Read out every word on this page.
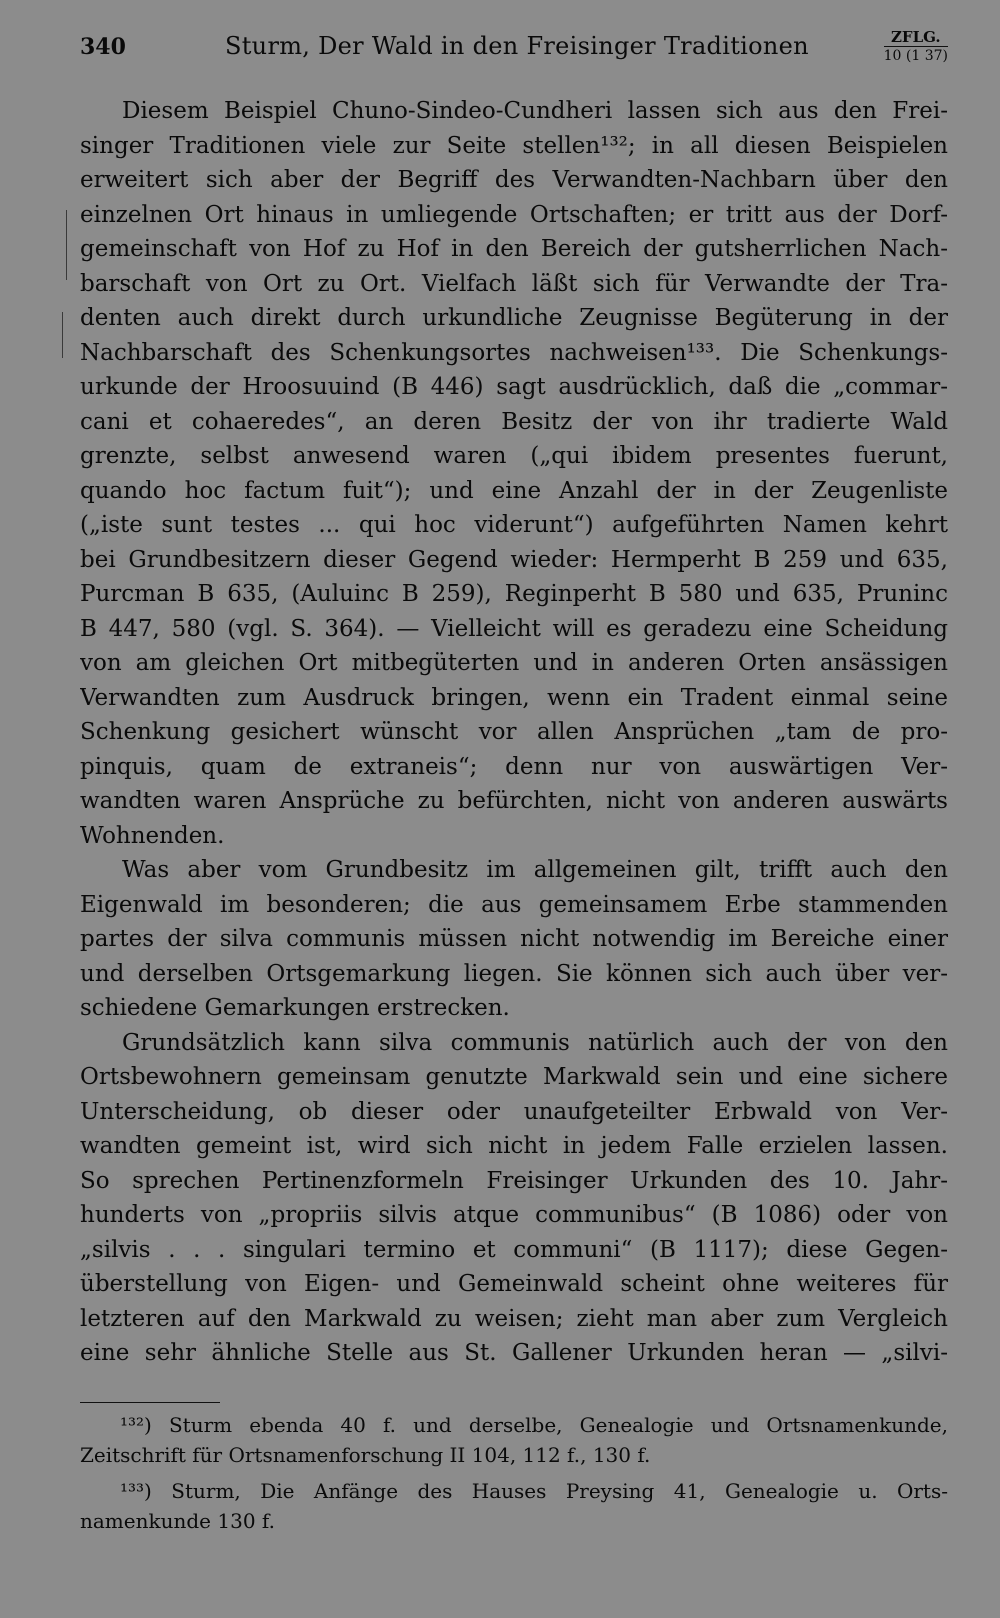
340	Sturm, Der Wald in den Freisinger Traditionen	ZFLG.
10 (1 37)
Diesem Beispiel Chuno-Sindeo-Cundheri lassen sich aus den Frei-
singer Traditionen viele zur Seite stellen¹³²; in all diesen Beispielen
erweitert sich aber der Begriff des Verwandten-Nachbarn über den
einzelnen Ort hinaus in umliegende Ortschaften; er tritt aus der Dorf-
gemeinschaft von Hof zu Hof in den Bereich der gutsherrlichen Nach-
barschaft von Ort zu Ort. Vielfach läßt sich für Verwandte der Tra-
denten auch direkt durch urkundliche Zeugnisse Begüterung in der
Nachbarschaft des Schenkungsortes nachweisen¹³³. Die Schenkungs-
urkunde der Hroosuuind (B 446) sagt ausdrücklich, daß die „commar-
cani et cohaeredes“, an deren Besitz der von ihr tradierte Wald
grenzte, selbst anwesend waren („qui ibidem presentes fuerunt,
quando hoc factum fuit“); und eine Anzahl der in der Zeugenliste
(„iste sunt testes ... qui hoc viderunt“) aufgeführten Namen kehrt
bei Grundbesitzern dieser Gegend wieder: Hermperht B 259 und 635,
Purcman B 635, (Auluinc B 259), Reginperht B 580 und 635, Pruninc
B 447, 580 (vgl. S. 364). — Vielleicht will es geradezu eine Scheidung
von am gleichen Ort mitbegüterten und in anderen Orten ansässigen
Verwandten zum Ausdruck bringen, wenn ein Tradent einmal seine
Schenkung gesichert wünscht vor allen Ansprüchen „tam de pro-
pinquis, quam de extraneis“; denn nur von auswärtigen Ver-
wandten waren Ansprüche zu befürchten, nicht von anderen auswärts
Wohnenden.
Was aber vom Grundbesitz im allgemeinen gilt, trifft auch den
Eigenwald im besonderen; die aus gemeinsamem Erbe stammenden
partes der silva communis müssen nicht notwendig im Bereiche einer
und derselben Ortsgemarkung liegen. Sie können sich auch über ver-
schiedene Gemarkungen erstrecken.
Grundsätzlich kann silva communis natürlich auch der von den
Ortsbewohnern gemeinsam genutzte Markwald sein und eine sichere
Unterscheidung, ob dieser oder unaufgeteilter Erbwald von Ver-
wandten gemeint ist, wird sich nicht in jedem Falle erzielen lassen.
So sprechen Pertinenzformeln Freisinger Urkunden des 10. Jahr-
hunderts von „propriis silvis atque communibus“ (B 1086) oder von
„silvis . . . singulari termino et communi“ (B 1117); diese Gegen-
überstellung von Eigen- und Gemeinwald scheint ohne weiteres für
letzteren auf den Markwald zu weisen; zieht man aber zum Vergleich
eine sehr ähnliche Stelle aus St. Gallener Urkunden heran — „silvi-
¹³²) Sturm ebenda 40 f. und derselbe, Genealogie und Ortsnamenkunde,
Zeitschrift für Ortsnamenforschung II 104, 112 f., 130 f.
¹³³) Sturm, Die Anfänge des Hauses Preysing 41, Genealogie u. Orts-
namenkunde 130 f.
